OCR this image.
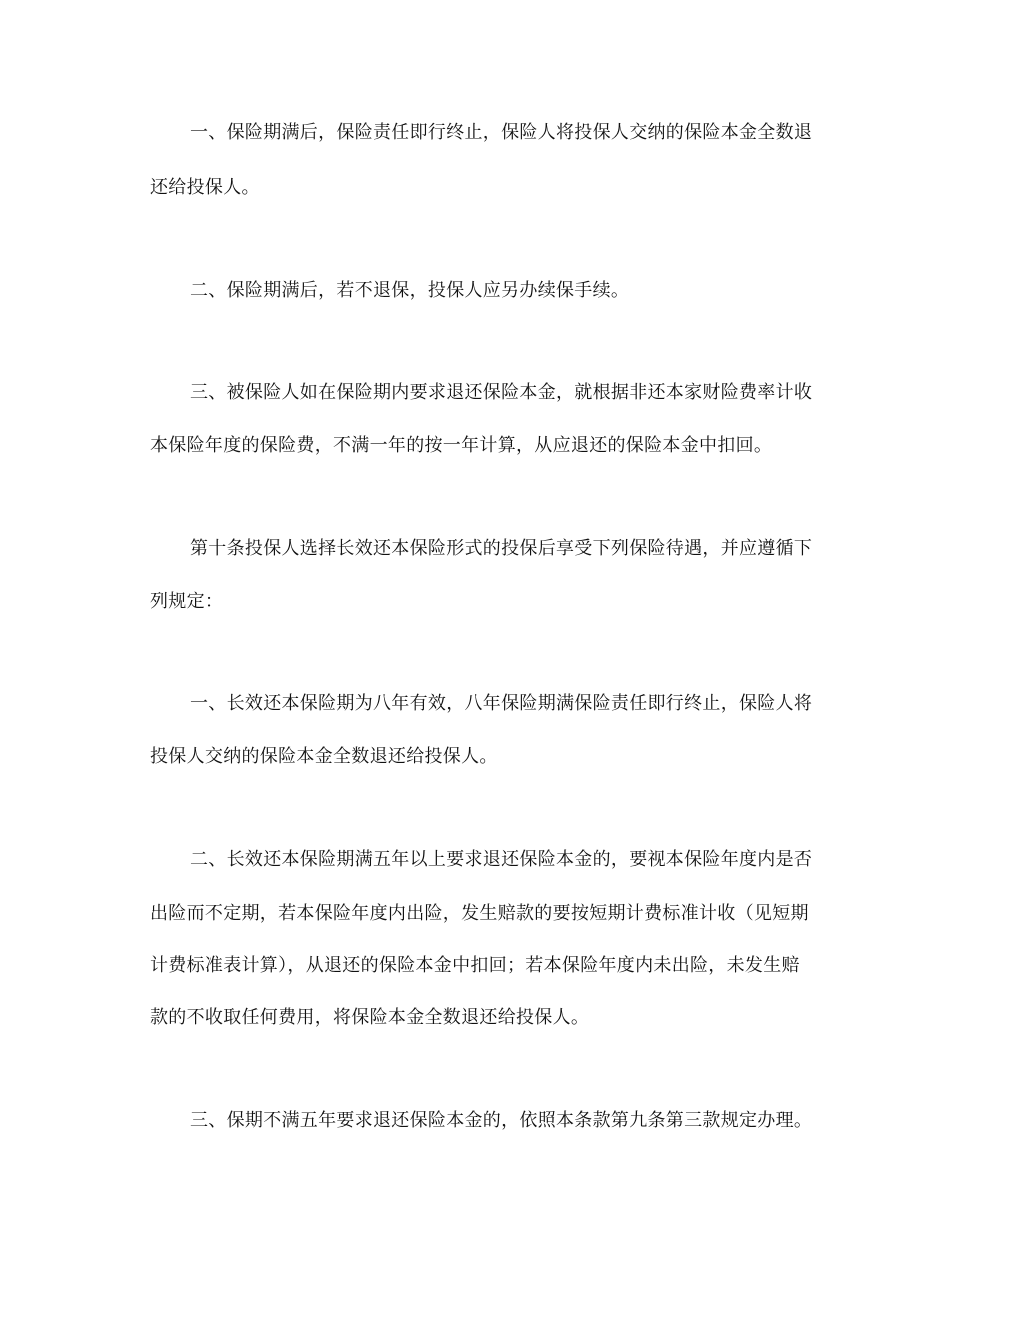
一、保险期满后，保险责任即行终止，保险人将投保人交纳的保险本金全数退

还给投保人。

二、保险期满后，若不退保，投保人应另办续保手续。

三、被保险人如在保险期内要求退还保险本金，就根据非还本家财险费率计收

本保险年度的保险费，不满一年的按一年计算，从应退还的保险本金中扣回。

第十条投保人选择长效还本保险形式的投保后享受下列保险待遇，并应遵循下

列规定：

一、长效还本保险期为八年有效，八年保险期满保险责任即行终止，保险人将

投保人交纳的保险本金全数退还给投保人。

二、长效还本保险期满五年以上要求退还保险本金的，要视本保险年度内是否

出险而不定期，若本保险年度内出险，发生赔款的要按短期计费标准计收（见短期

计费标准表计算），从退还的保险本金中扣回；若本保险年度内未出险，未发生赔

款的不收取任何费用，将保险本金全数退还给投保人。

三、保期不满五年要求退还保险本金的，依照本条款第九条第三款规定办理。
